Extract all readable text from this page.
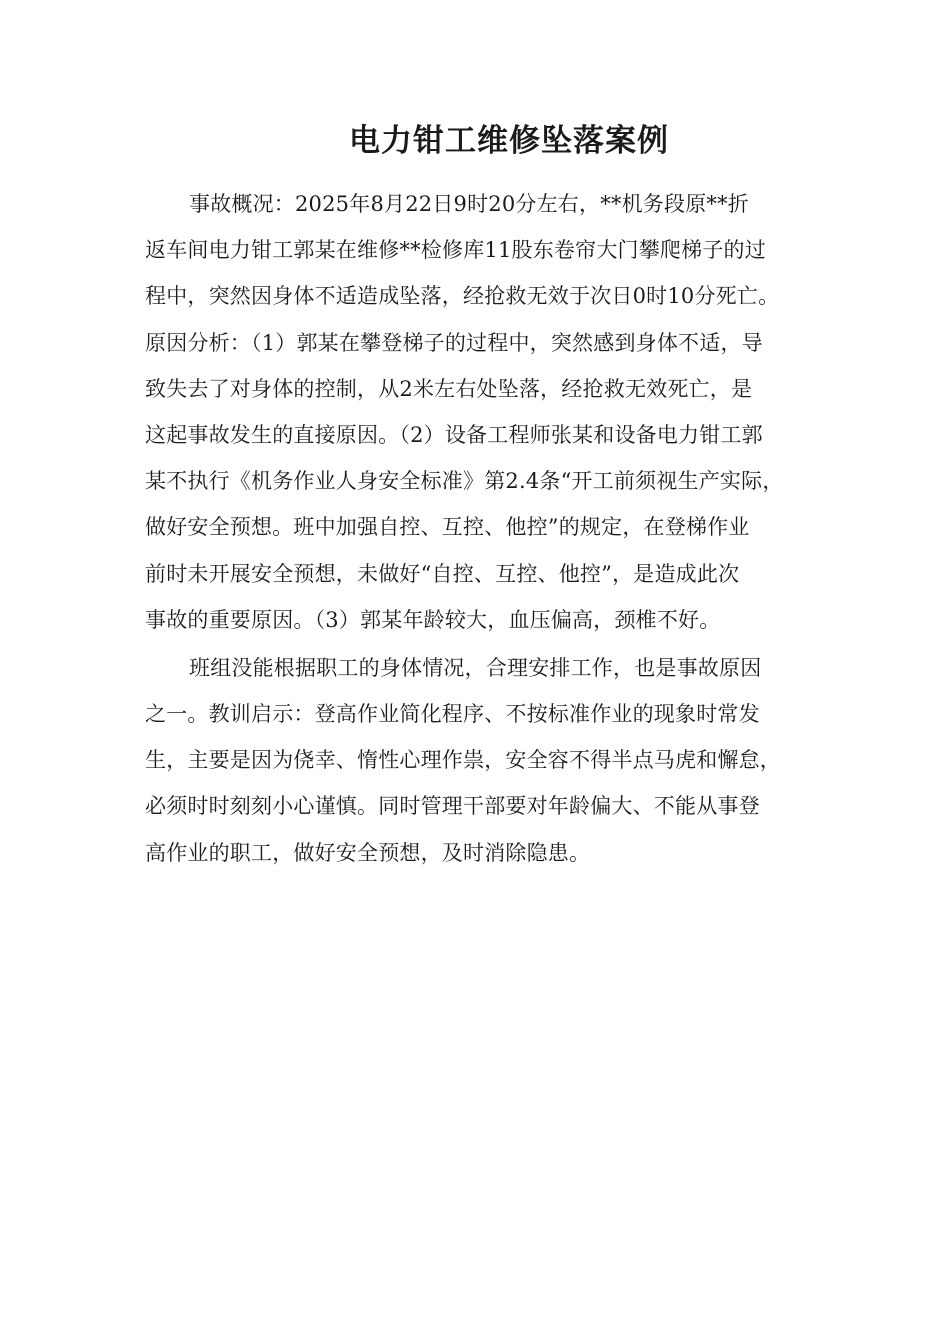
电力钳工维修坠落案例
事故概况：2025年8月22日9时20分左右，**机务段原**折
返车间电力钳工郭某在维修**检修库11股东卷帘大门攀爬梯子的过
程中，突然因身体不适造成坠落，经抢救无效于次日0时10分死亡。
原因分析：（1）郭某在攀登梯子的过程中，突然感到身体不适，导
致失去了对身体的控制，从2米左右处坠落，经抢救无效死亡，是
这起事故发生的直接原因。（2）设备工程师张某和设备电力钳工郭
某不执行《机务作业人身安全标准》第2.4条“开工前须视生产实际，
做好安全预想。班中加强自控、互控、他控”的规定，在登梯作业
前时未开展安全预想，未做好“自控、互控、他控”，是造成此次
事故的重要原因。（3）郭某年龄较大，血压偏高，颈椎不好。
班组没能根据职工的身体情况，合理安排工作，也是事故原因
之一。教训启示：登高作业简化程序、不按标准作业的现象时常发
生，主要是因为侥幸、惰性心理作祟，安全容不得半点马虎和懈怠，
必须时时刻刻小心谨慎。同时管理干部要对年龄偏大、不能从事登
高作业的职工，做好安全预想，及时消除隐患。
